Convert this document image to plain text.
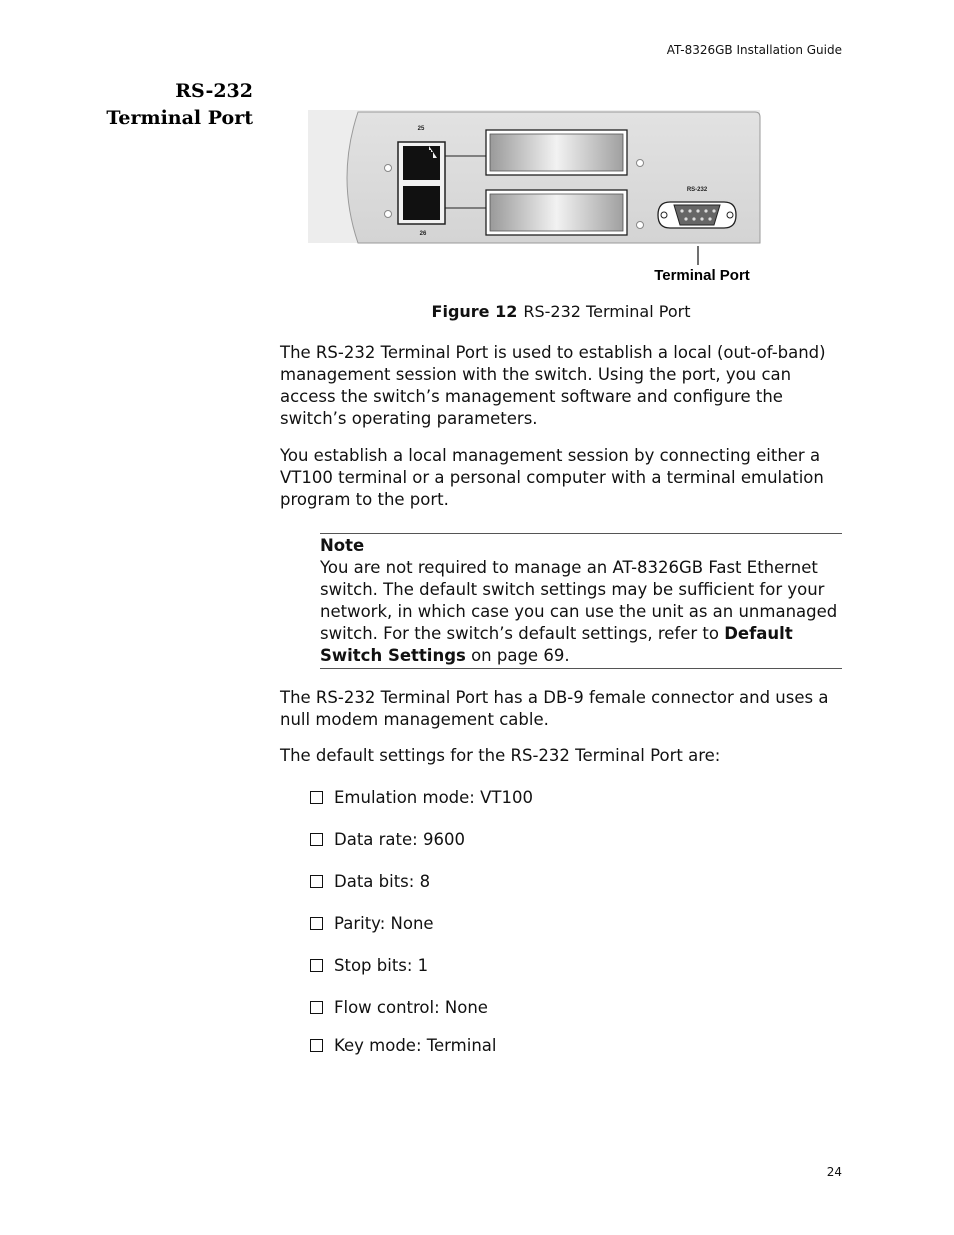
AT-8326GB Installation Guide
RS-232
Terminal Port	25
26
RS-232
Terminal Port
Figure 12 RS-232 Terminal Port
The RS-232 Terminal Port is used to establish a local (out-of-band) management session with the switch. Using the port, you can access the switch’s management software and configure the switch’s operating parameters.
You establish a local management session by connecting either a VT100 terminal or a personal computer with a terminal emulation program to the port.
Note
You are not required to manage an AT-8326GB Fast Ethernet switch. The default switch settings may be sufficient for your network, in which case you can use the unit as an unmanaged switch. For the switch’s default settings, refer to Default Switch Settings on page 69.
The RS-232 Terminal Port has a DB-9 female connector and uses a null modem management cable.
The default settings for the RS-232 Terminal Port are:
Emulation mode: VT100
Data rate: 9600
Data bits: 8
Parity: None
Stop bits: 1
Flow control: None
Key mode: Terminal
24
